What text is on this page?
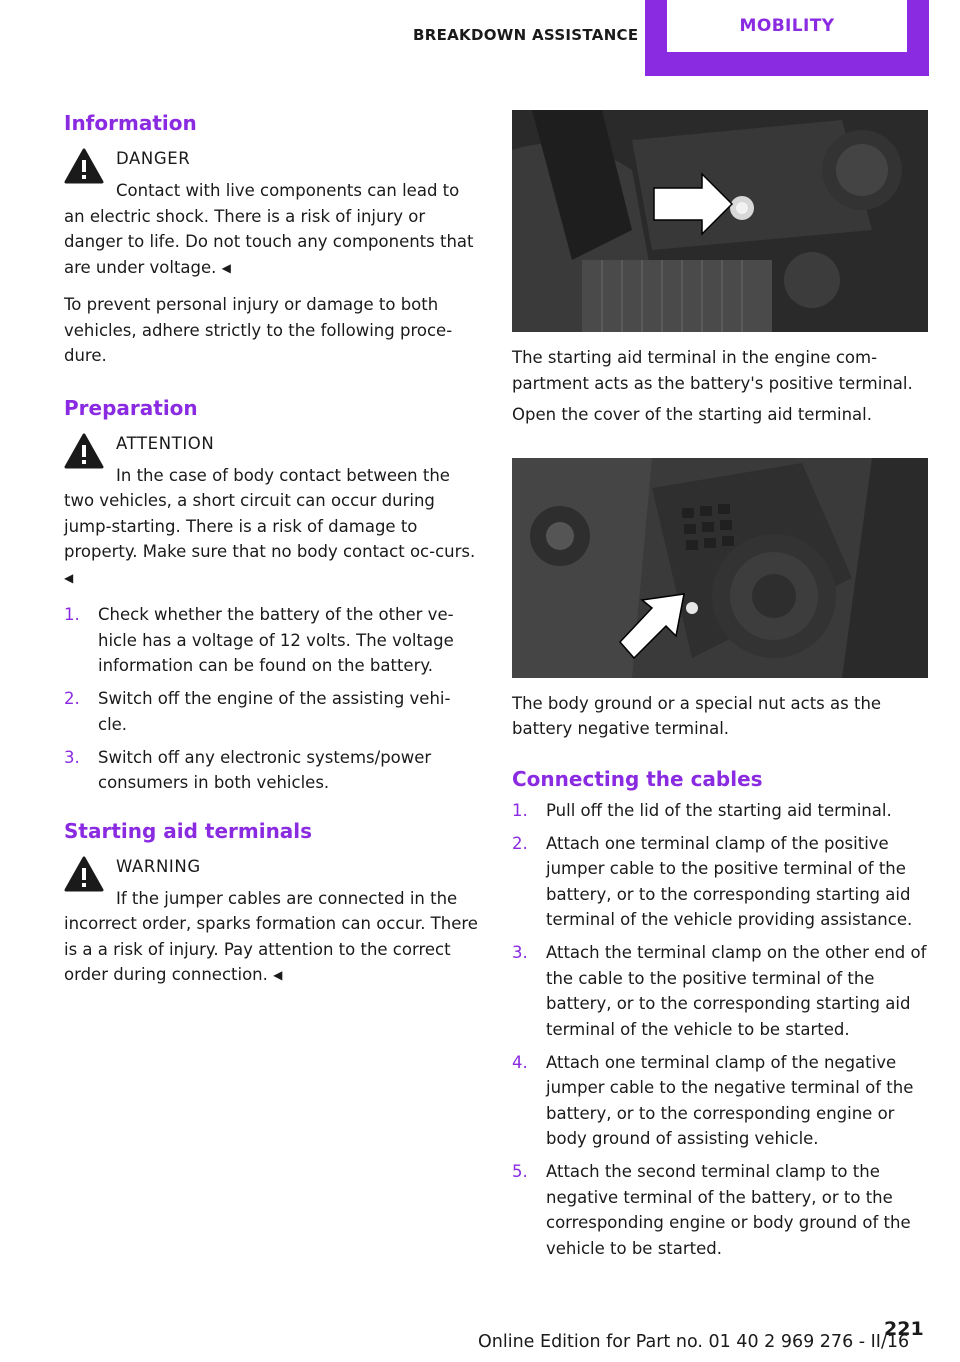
BREAKDOWN ASSISTANCE	MOBILITY
Information
DANGER

Contact with live components can lead to

an electric shock. There is a risk of injury or danger to life. Do not touch any components that are under voltage. ◀

To prevent personal injury or damage to both vehicles, adhere strictly to the following proce-dure.

Preparation
ATTENTION

In the case of body contact between the

two vehicles, a short circuit can occur during jump-starting. There is a risk of damage to property. Make sure that no body contact oc-curs. ◀

1. Check whether the battery of the other ve-hicle has a voltage of 12 volts. The voltage information can be found on the battery.
2. Switch off the engine of the assisting vehi-cle.
3. Switch off any electronic systems/power consumers in both vehicles.
Starting aid terminals
WARNING

If the jumper cables are connected in the

incorrect order, sparks formation can occur. There is a a risk of injury. Pay attention to the correct order during connection. ◀

The starting aid terminal in the engine com-partment acts as the battery's positive terminal.

Open the cover of the starting aid terminal.

The body ground or a special nut acts as the battery negative terminal.

Connecting the cables
1. Pull off the lid of the starting aid terminal.
2. Attach one terminal clamp of the positive jumper cable to the positive terminal of the battery, or to the corresponding starting aid terminal of the vehicle providing assistance.
3. Attach the terminal clamp on the other end of the cable to the positive terminal of the battery, or to the corresponding starting aid terminal of the vehicle to be started.
4. Attach one terminal clamp of the negative jumper cable to the negative terminal of the battery, or to the corresponding engine or body ground of assisting vehicle.
5. Attach the second terminal clamp to the negative terminal of the battery, or to the corresponding engine or body ground of the vehicle to be started.
221
Online Edition for Part no. 01 40 2 969 276 - II/16
